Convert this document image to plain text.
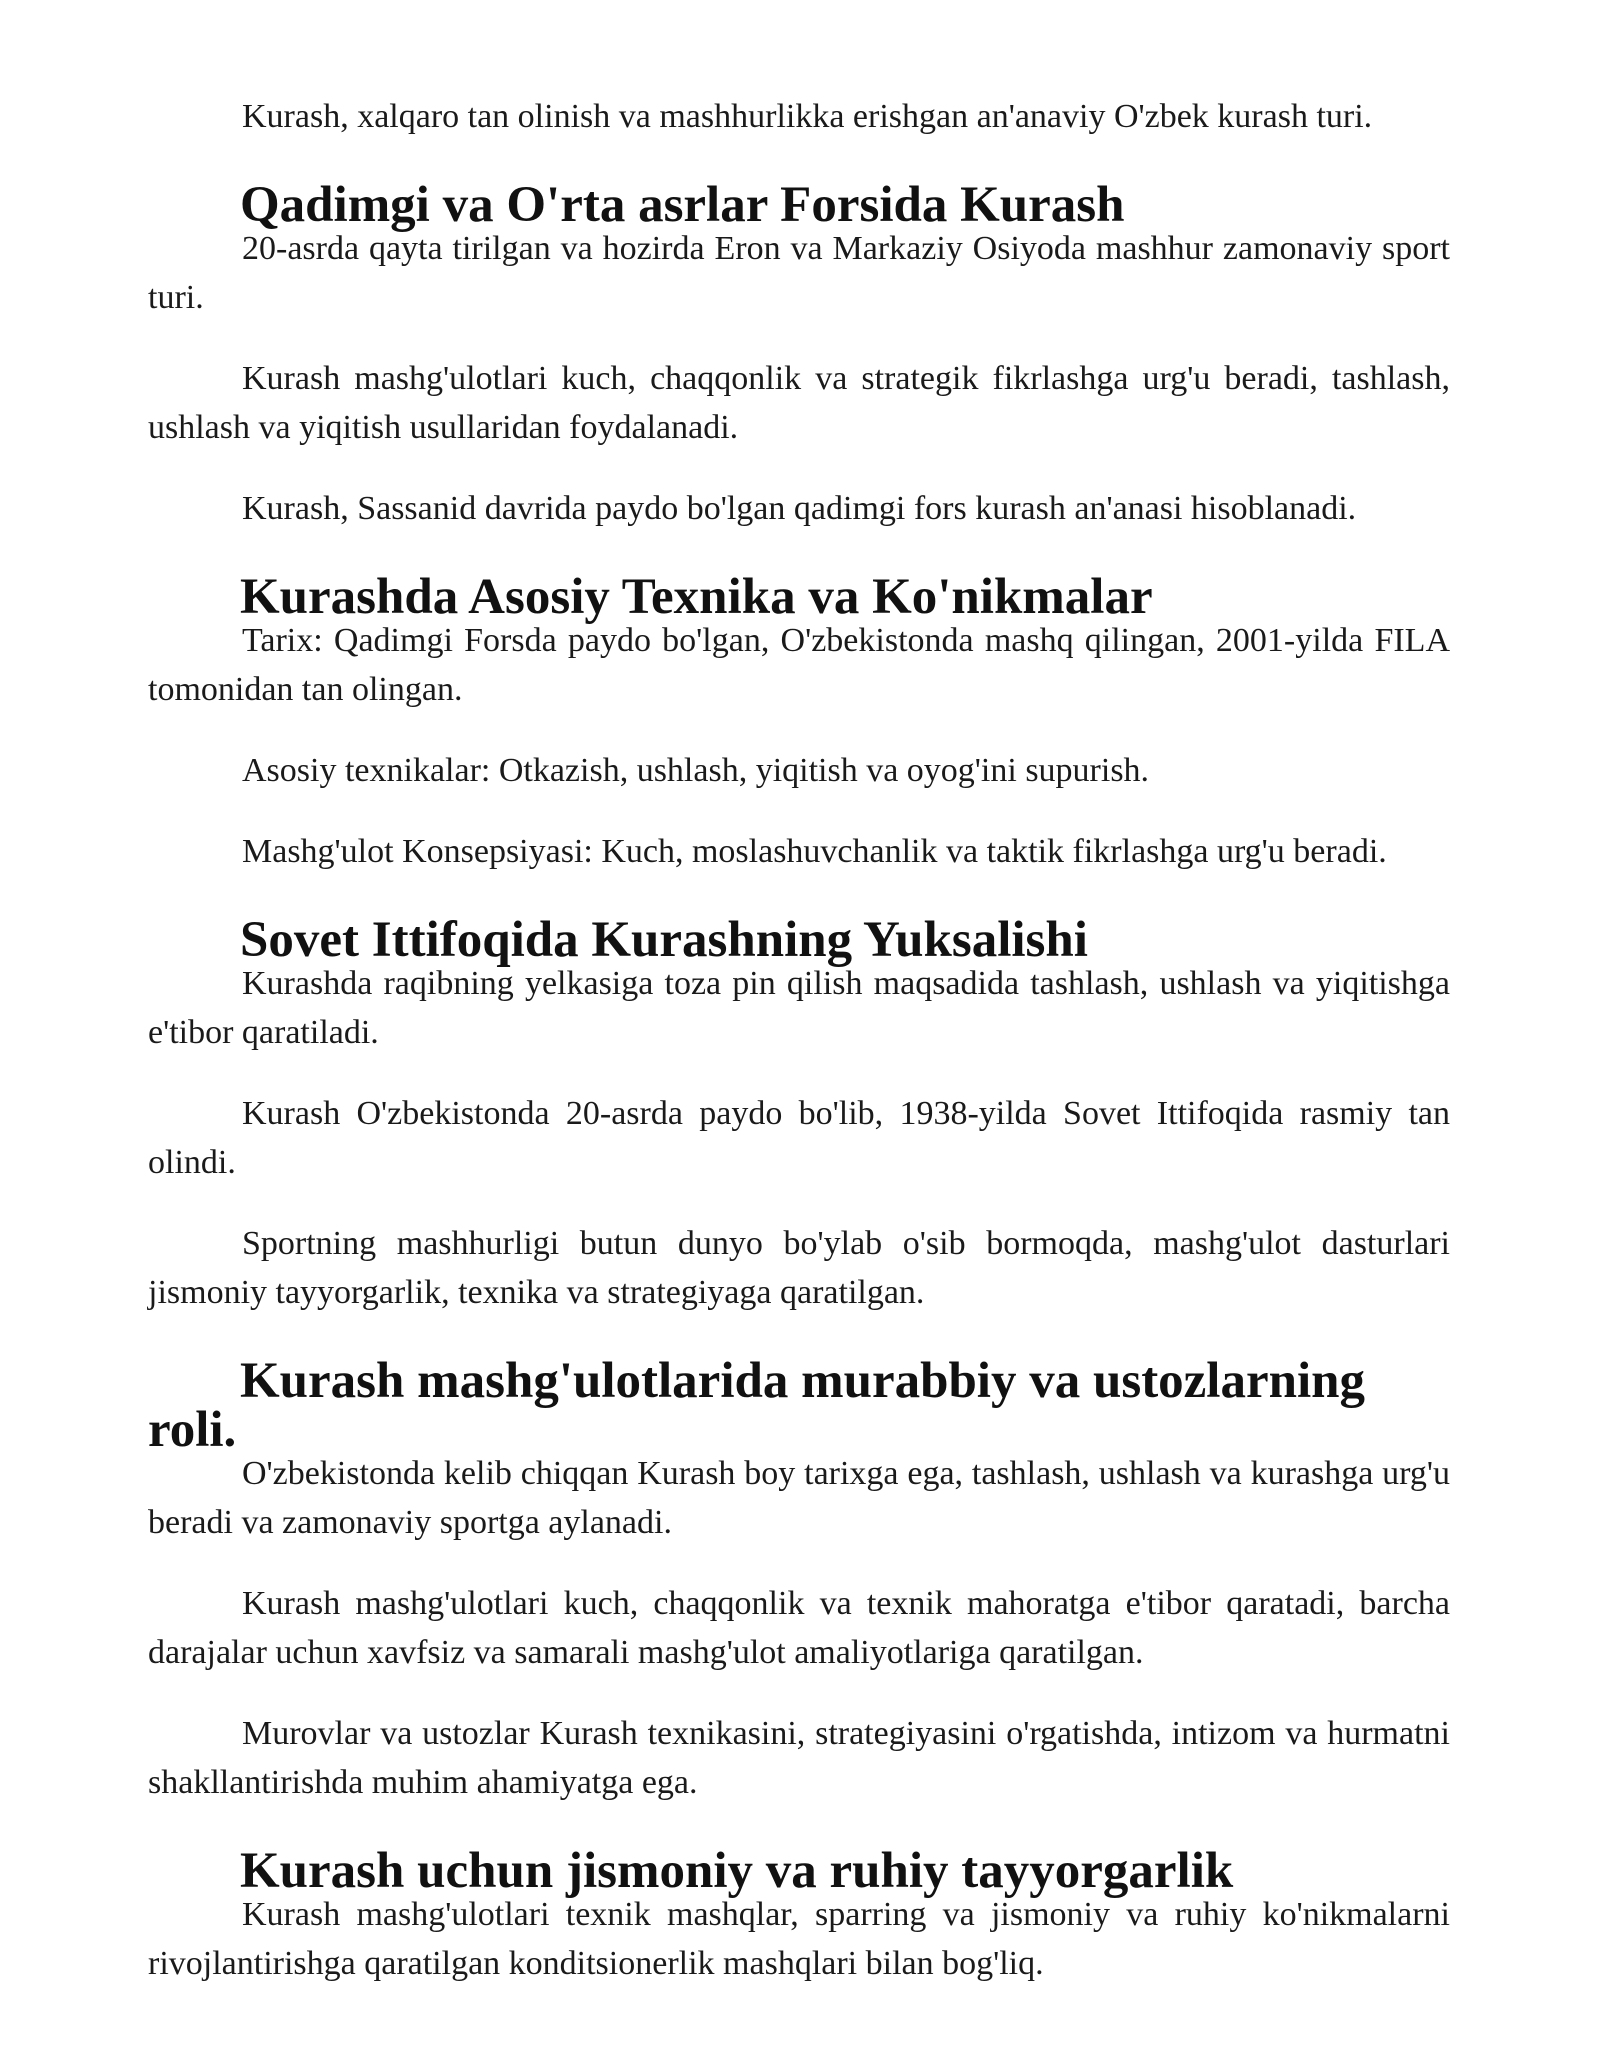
Kurash, xalqaro tan olinish va mashhurlikka erishgan an'anaviy O'zbek kurash turi.

Qadimgi va O'rta asrlar Forsida Kurash

20-asrda qayta tirilgan va hozirda Eron va Markaziy Osiyoda mashhur zamonaviy sport turi.

Kurash mashg'ulotlari kuch, chaqqonlik va strategik fikrlashga urg'u beradi, tashlash, ushlash va yiqitish usullaridan foydalanadi.

Kurash, Sassanid davrida paydo bo'lgan qadimgi fors kurash an'anasi hisoblanadi.

Kurashda Asosiy Texnika va Ko'nikmalar

Tarix: Qadimgi Forsda paydo bo'lgan, O'zbekistonda mashq qilingan, 2001-yilda FILA tomonidan tan olingan.

Asosiy texnikalar: Otkazish, ushlash, yiqitish va oyog'ini supurish.

Mashg'ulot Konsepsiyasi: Kuch, moslashuvchanlik va taktik fikrlashga urg'u beradi.

Sovet Ittifoqida Kurashning Yuksalishi

Kurashda raqibning yelkasiga toza pin qilish maqsadida tashlash, ushlash va yiqitishga e'tibor qaratiladi.

Kurash O'zbekistonda 20-asrda paydo bo'lib, 1938-yilda Sovet Ittifoqida rasmiy tan olindi.

Sportning mashhurligi butun dunyo bo'ylab o'sib bormoqda, mashg'ulot dasturlari jismoniy tayyorgarlik, texnika va strategiyaga qaratilgan.

Kurash mashg'ulotlarida murabbiy va ustozlarning roli.

O'zbekistonda kelib chiqqan Kurash boy tarixga ega, tashlash, ushlash va kurashga urg'u beradi va zamonaviy sportga aylanadi.

Kurash mashg'ulotlari kuch, chaqqonlik va texnik mahoratga e'tibor qaratadi, barcha darajalar uchun xavfsiz va samarali mashg'ulot amaliyotlariga qaratilgan.

Murovlar va ustozlar Kurash texnikasini, strategiyasini o'rgatishda, intizom va hurmatni shakllantirishda muhim ahamiyatga ega.

Kurash uchun jismoniy va ruhiy tayyorgarlik

Kurash mashg'ulotlari texnik mashqlar, sparring va jismoniy va ruhiy ko'nikmalarni rivojlantirishga qaratilgan konditsionerlik mashqlari bilan bog'liq.
